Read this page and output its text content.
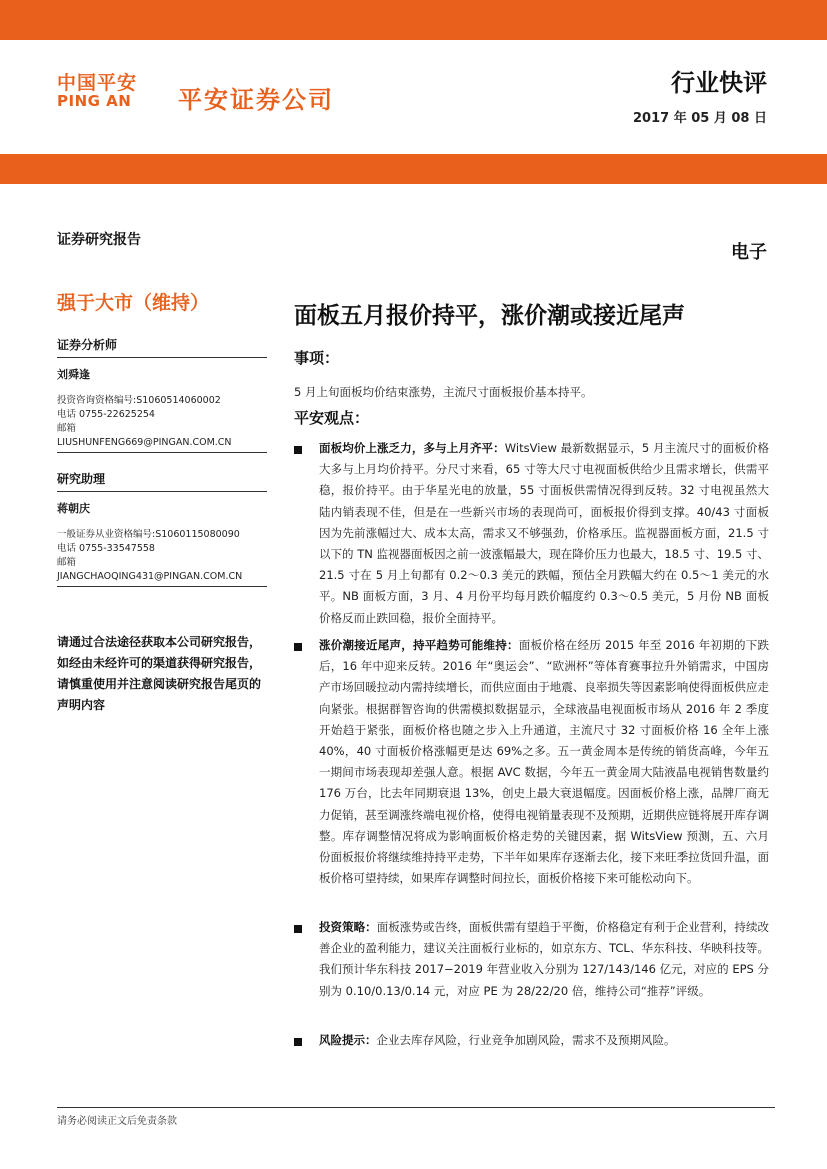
中国平安
PING AN 平安证券公司
行业快评
2017 年 05 月 08 日
证券研究报告
电子
强于大市（维持）	面板五月报价持平，涨价潮或接近尾声
证券分析师
刘舜逢
投资咨询资格编号:S1060514060002
电话 0755-22625254
邮箱
LIUSHUNFENG669@PINGAN.COM.CN
研究助理
蒋朝庆
一般证券从业资格编号:S1060115080090
电话 0755-33547558
邮箱
JIANGCHAOQING431@PINGAN.COM.CN
请通过合法途径获取本公司研究报告，如经由未经许可的渠道获得研究报告，请慎重使用并注意阅读研究报告尾页的声明内容
事项：
5 月上旬面板均价结束涨势，主流尺寸面板报价基本持平。
平安观点：
面板均价上涨乏力，多与上月齐平：WitsView 最新数据显示，5 月主流尺寸的面板价格大多与上月均价持平。分尺寸来看，65 寸等大尺寸电视面板供给少且需求增长，供需平稳，报价持平。由于华星光电的放量，55 寸面板供需情况得到反转。32 寸电视虽然大陆内销表现不佳，但是在一些新兴市场的表现尚可，面板报价得到支撑。40/43 寸面板因为先前涨幅过大、成本太高，需求又不够强劲，价格承压。监视器面板方面，21.5 寸以下的 TN 监视器面板因之前一波涨幅最大，现在降价压力也最大，18.5 寸、19.5 寸、21.5 寸在 5 月上旬都有 0.2～0.3 美元的跌幅，预估全月跌幅大约在 0.5～1 美元的水平。NB 面板方面，3 月、4 月份平均每月跌价幅度约 0.3～0.5 美元，5 月份 NB 面板价格反而止跌回稳，报价全面持平。
涨价潮接近尾声，持平趋势可能维持：面板价格在经历 2015 年至 2016 年初期的下跌后，16 年中迎来反转。2016 年“奥运会”、“欧洲杯”等体育赛事拉升外销需求，中国房产市场回暖拉动内需持续增长，而供应面由于地震、良率损失等因素影响使得面板供应走向紧张。根据群智咨询的供需模拟数据显示，全球液晶电视面板市场从 2016 年 2 季度开始趋于紧张，面板价格也随之步入上升通道，主流尺寸 32 寸面板价格 16 全年上涨 40%，40 寸面板价格涨幅更是达 69%之多。五一黄金周本是传统的销货高峰，今年五一期间市场表现却差强人意。根据 AVC 数据，今年五一黄金周大陆液晶电视销售数量约 176 万台，比去年同期衰退 13%，创史上最大衰退幅度。因面板价格上涨，品牌厂商无力促销，甚至调涨终端电视价格，使得电视销量表现不及预期，近期供应链将展开库存调整。库存调整情况将成为影响面板价格走势的关键因素，据 WitsView 预测，五、六月份面板报价将继续维持持平走势，下半年如果库存逐渐去化，接下来旺季拉货回升温，面板价格可望持续，如果库存调整时间拉长，面板价格接下来可能松动向下。
投资策略：面板涨势或告终，面板供需有望趋于平衡，价格稳定有利于企业营利，持续改善企业的盈利能力，建议关注面板行业标的，如京东方、TCL、华东科技、华映科技等。我们预计华东科技 2017−2019 年营业收入分别为 127/143/146 亿元，对应的 EPS 分别为 0.10/0.13/0.14 元，对应 PE 为 28/22/20 倍，维持公司“推荐”评级。
风险提示：企业去库存风险，行业竞争加剧风险，需求不及预期风险。
请务必阅读正文后免责条款
